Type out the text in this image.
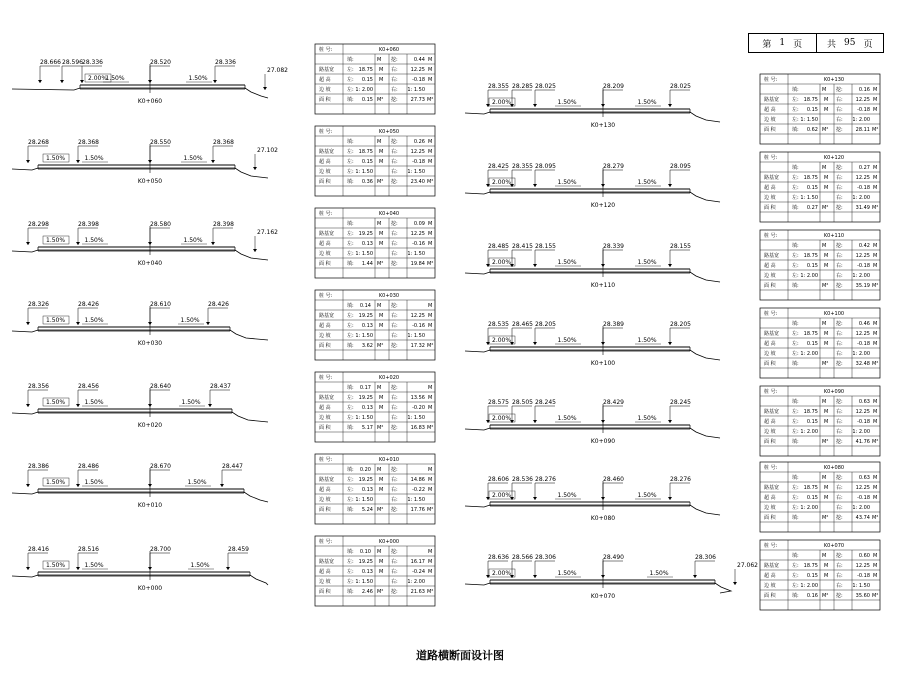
K0+060
28.666 28.596 28.336	28.520	28.336
27.082
2.00%
1.50%	1.50%
桩 号:	K0+060
填:	M 挖:	0.44 M
路基宽	左: 18.75 M 右:	12.25 M
超 高	左: 0.15 M 右:	-0.18 M
边 坡	左: 1: 2.00	右: 1: 1.50
面 积	填: 0.15 M² 挖:	27.73 M²
K0+050
28.268	28.368	28.550	28.368
27.102
1.50%	1.50%	1.50%
桩 号:	K0+050
填:	M 挖:	0.26 M
路基宽	左: 18.75 M 右:	12.25 M
超 高	左: 0.15 M 右:	-0.18 M
边 坡	左: 1: 1.50	右: 1: 1.50
面 积	填: 0.36 M² 挖:	23.40 M²
K0+040
28.298	28.398	28.580	28.398
27.162
1.50%	1.50%	1.50%
桩 号:	K0+040
填:	M 挖:	0.09 M
路基宽	左: 19.25 M 右:	12.25 M
超 高	左: 0.13 M 右:	-0.16 M
边 坡	左: 1: 1.50	右: 1: 1.50
面 积	填: 1.44 M² 挖:	19.84 M²
K0+030
28.326	28.426	28.610	28.426
1.50%	1.50%	1.50%
桩 号:	K0+030
填: 0.14 M 挖:	M
路基宽	左: 19.25 M 右:	12.25 M
超 高	左: 0.13 M 右:	-0.16 M
边 坡	左: 1: 1.50	右: 1: 1.50
面 积	填: 3.62 M² 挖:	17.32 M²
K0+020
28.356	28.456	28.640	28.437
1.50%	1.50%	1.50%
桩 号:	K0+020
填: 0.17 M 挖:	M
路基宽	左: 19.25 M 右:	13.56 M
超 高	左: 0.13 M 右:	-0.20 M
边 坡	左: 1: 1.50	右: 1: 1.50
面 积	填: 5.17 M² 挖:	16.83 M²
K0+010
28.386	28.486	28.670	28.447
1.50%	1.50%	1.50%
桩 号:	K0+010
填: 0.20 M 挖:	M
路基宽	左: 19.25 M 右:	14.86 M
超 高	左: 0.13 M 右:	-0.22 M
边 坡	左: 1: 1.50	右: 1: 1.50
面 积	填: 5.24 M² 挖:	17.76 M²
K0+000
28.416	28.516	28.700	28.459
1.50%	1.50%	1.50%
桩 号:	K0+000
填: 0.10 M 挖:	M
路基宽	左: 19.25 M 右:	16.17 M
超 高	左: 0.13 M 右:	-0.24 M
边 坡	左: 1: 1.50	右: 1: 2.00
面 积	填: 2.46 M² 挖:	21.63 M²
K0+130
28.355 28.285 28.025	28.209	28.025
2.00%	1.50%	1.50%
桩 号:	K0+130
填:	M 挖:	0.16 M
路基宽	左: 18.75 M 右:	12.25 M
超 高	左: 0.15 M 右:	-0.18 M
边 坡	左: 1: 1.50	右: 1: 2.00
面 积	填: 0.62 M² 挖:	28.11 M²
K0+120
28.425 28.355 28.095	28.279	28.095
2.00%	1.50%	1.50%
桩 号:	K0+120
填:	M 挖:	0.27 M
路基宽	左: 18.75 M 右:	12.25 M
超 高	左: 0.15 M 右:	-0.18 M
边 坡	左: 1: 1.50	右: 1: 2.00
面 积	填: 0.27 M² 挖:	31.49 M²
K0+110
28.485 28.415 28.155	28.339	28.155
2.00%	1.50%	1.50%
桩 号:	K0+110
填:	M 挖:	0.42 M
路基宽	左: 18.75 M 右:	12.25 M
超 高	左: 0.15 M 右:	-0.18 M
边 坡	左: 1: 2.00	右: 1: 2.00
面 积	填:	M² 挖:	35.19 M²
K0+100
28.535 28.465 28.205	28.389	28.205
2.00%	1.50%	1.50%
桩 号:	K0+100
填:	M 挖:	0.46 M
路基宽	左: 18.75 M 右:	12.25 M
超 高	左: 0.15 M 右:	-0.18 M
边 坡	左: 1: 2.00	右: 1: 2.00
面 积	填:	M² 挖:	32.48 M²
K0+090
28.575 28.505 28.245	28.429	28.245
2.00%	1.50%	1.50%
桩 号:	K0+090
填:	M 挖:	0.63 M
路基宽	左: 18.75 M 右:	12.25 M
超 高	左: 0.15 M 右:	-0.18 M
边 坡	左: 1: 2.00	右: 1: 2.00
面 积	填:	M² 挖:	41.76 M²
K0+080
28.606 28.536 28.276	28.460	28.276
2.00%	1.50%	1.50%
桩 号:	K0+080
填:	M 挖:	0.63 M
路基宽	左: 18.75 M 右:	12.25 M
超 高	左: 0.15 M 右:	-0.18 M
边 坡	左: 1: 2.00	右: 1: 2.00
面 积	填:	M² 挖:	43.74 M²
K0+070
28.636 28.566 28.306	28.490	28.306
27.062
2.00%	1.50%	1.50%
桩 号:	K0+070
填:	M 挖:	0.60 M
路基宽	左: 18.75 M 右:	12.25 M
超 高	左: 0.15 M 右:	-0.18 M
边 坡	左: 1: 2.00	右: 1: 1.50
面 积	填: 0.16 M² 挖:	35.60 M²
第 1 页	共 95 页
道路横断面设计图
